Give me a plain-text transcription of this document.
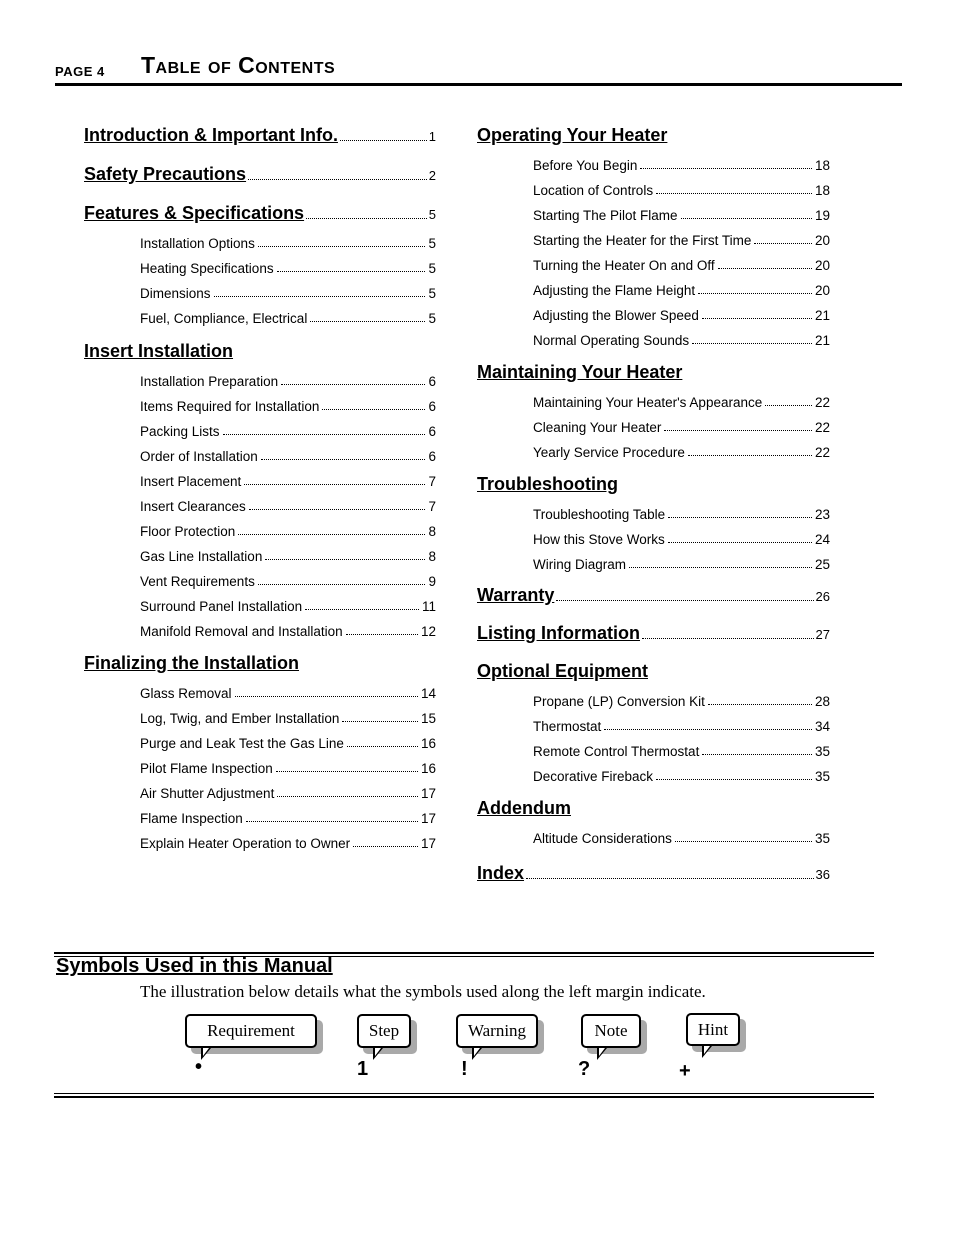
PAGE 4 Table of Contents
Introduction & Important Info.	1
Safety Precautions	2
Features & Specifications	5
Installation Options	5
Heating Specifications	5
Dimensions	5
Fuel, Compliance, Electrical	5
Insert Installation
Installation Preparation	6
Items Required for Installation	6
Packing Lists	6
Order of Installation	6
Insert Placement	7
Insert Clearances	7
Floor Protection	8
Gas Line Installation	8
Vent Requirements	9
Surround Panel Installation	11
Manifold Removal and Installation	12
Finalizing the Installation
Glass Removal	14
Log, Twig, and Ember Installation	15
Purge and Leak Test the Gas Line	16
Pilot Flame Inspection	16
Air Shutter Adjustment	17
Flame Inspection	17
Explain Heater Operation to Owner	17
Operating Your Heater
Before You Begin	18
Location of Controls	18
Starting The Pilot Flame	19
Starting the Heater for the First Time	20
Turning the Heater On and Off	20
Adjusting the Flame Height	20
Adjusting the Blower Speed	21
Normal Operating Sounds	21
Maintaining Your Heater
Maintaining Your Heater's Appearance	22
Cleaning Your Heater	22
Yearly Service Procedure	22
Troubleshooting
Troubleshooting Table	23
How this Stove Works	24
Wiring Diagram	25
Warranty	26
Listing Information	27
Optional Equipment
Propane (LP) Conversion Kit	28
Thermostat	34
Remote Control Thermostat	35
Decorative Fireback	35
Addendum
Altitude Considerations	35
Index	36
Symbols Used in this Manual
The illustration below details what the symbols used along the left margin indicate.
Requirement	Step	Warning	Note	Hint
•	1	!	?	+
